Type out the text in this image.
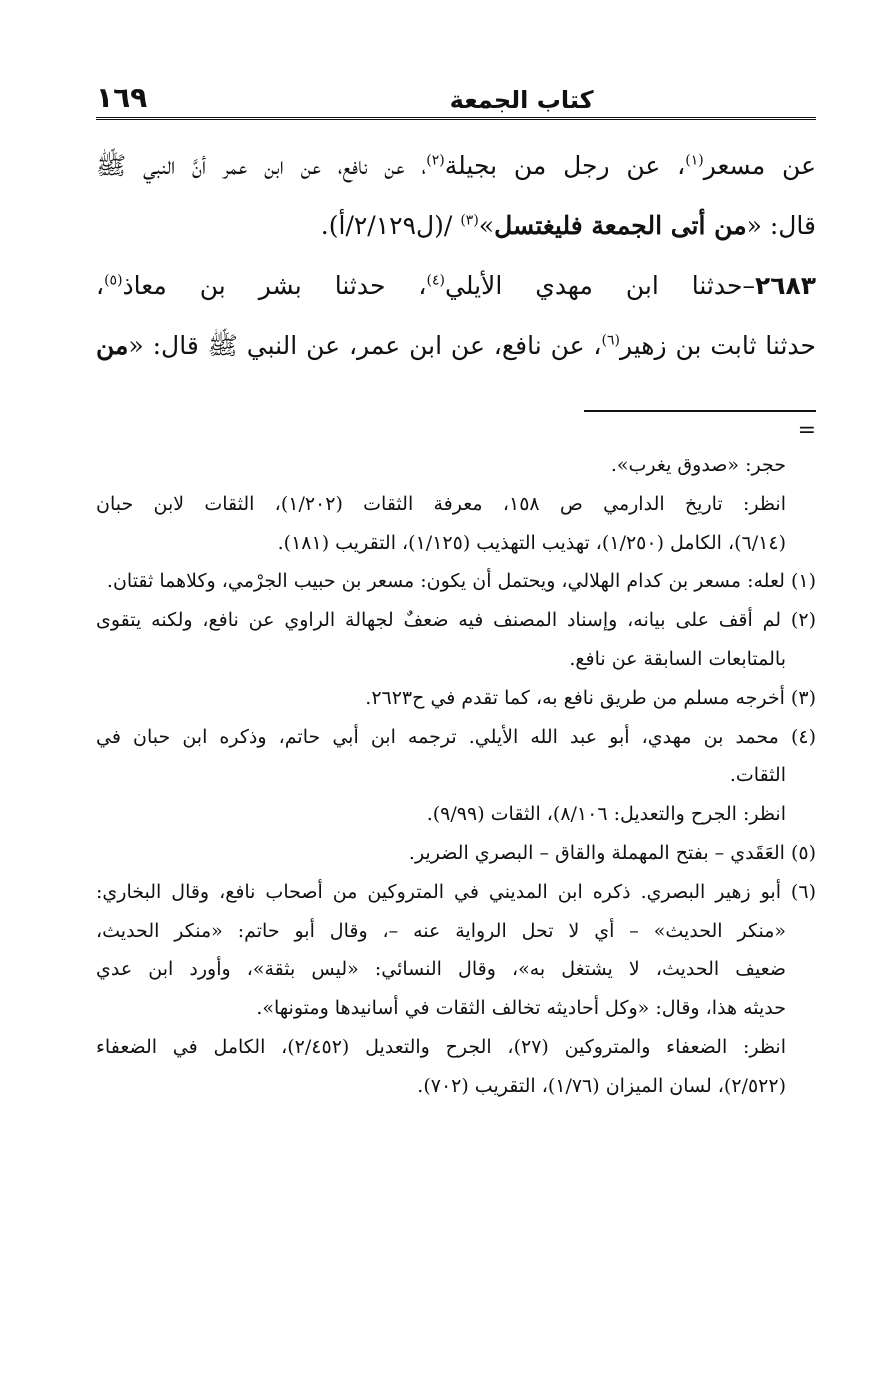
كتاب الجمعة
١٦٩
عن مسعر$^{(١)}$، عن رجل من بجيلة$^{(٢)}$، عن نافع، عن ابن عمر أنَّ النبي ﷺ
قال: «من أتى الجمعة فليغتسل»$^{(٣)}$ /(ل٢/١٢٩/أ).
٢٦٨٣–حدثنا ابن مهدي الأيلي$^{(٤)}$، حدثنا بشر بن معاذ$^{(٥)}$،
حدثنا ثابت بن زهير$^{(٦)}$، عن نافع، عن ابن عمر، عن النبي ﷺ قال: «من
=
حجر: «صدوق يغرب».
انظر: تاريخ الدارمي ص ١٥٨، معرفة الثقات (١/٢٠٢)، الثقات لابن حبان
(٦/١٤)، الكامل (١/٢٥٠)، تهذيب التهذيب (١/١٢٥)، التقريب (١٨١).
(١) لعله: مسعر بن كدام الهلالي، ويحتمل أن يكون: مسعر بن حبيب الجرْمي، وكلاهما ثقتان.
(٢) لم أقف على بيانه، وإسناد المصنف فيه ضعفٌ لجهالة الراوي عن نافع، ولكنه يتقوى
بالمتابعات السابقة عن نافع.
(٣) أخرجه مسلم من طريق نافع به، كما تقدم في ح٢٦٢٣.
(٤) محمد بن مهدي، أبو عبد الله الأيلي. ترجمه ابن أبي حاتم، وذكره ابن حبان في
الثقات.
انظر: الجرح والتعديل: ٨/١٠٦)، الثقات (٩/٩٩).
(٥) العَقَدي – بفتح المهملة والقاق – البصري الضرير.
(٦) أبو زهير البصري. ذكره ابن المديني في المتروكين من أصحاب نافع، وقال البخاري:
«منكر الحديث» – أي لا تحل الرواية عنه –، وقال أبو حاتم: «منكر الحديث،
ضعيف الحديث، لا يشتغل به»، وقال النسائي: «ليس بثقة»، وأورد ابن عدي
حديثه هذا، وقال: «وكل أحاديثه تخالف الثقات في أسانيدها ومتونها».
انظر: الضعفاء والمتروكين (٢٧)، الجرح والتعديل (٢/٤٥٢)، الكامل في الضعفاء
(٢/٥٢٢)، لسان الميزان (١/٧٦)، التقريب (٧٠٢).
